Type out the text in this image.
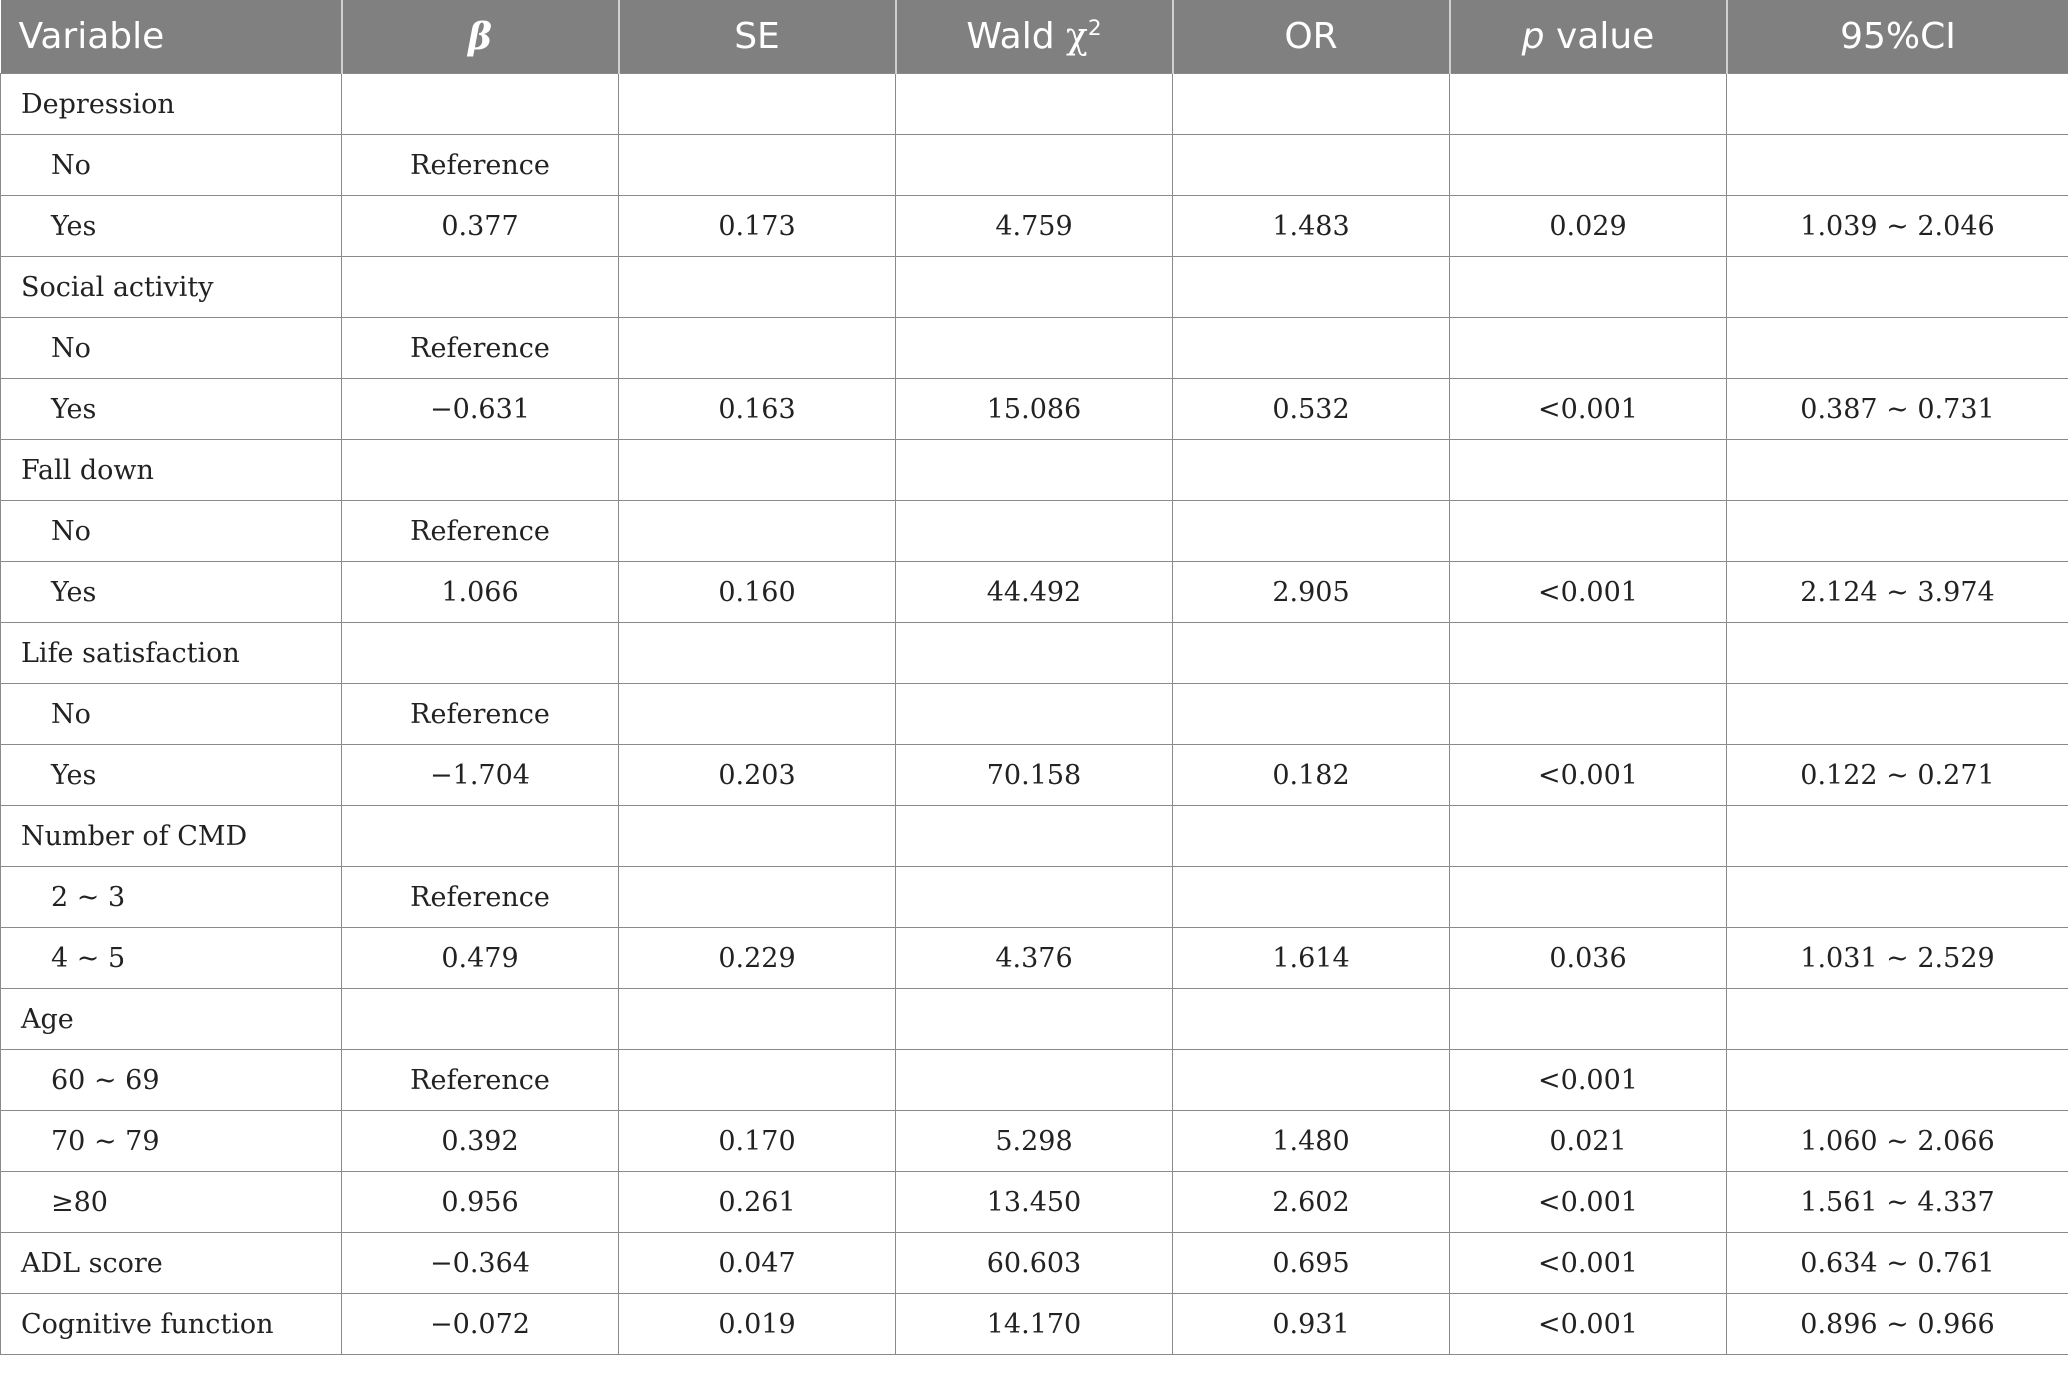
Variable	β	SE	Wald $\chi^2$	OR	p value	95%CI
Depression						
No	Reference					
Yes	0.377	0.173	4.759	1.483	0.029	1.039 ~ 2.046
Social activity						
No	Reference					
Yes	−0.631	0.163	15.086	0.532	<0.001	0.387 ~ 0.731
Fall down						
No	Reference					
Yes	1.066	0.160	44.492	2.905	<0.001	2.124 ~ 3.974
Life satisfaction						
No	Reference					
Yes	−1.704	0.203	70.158	0.182	<0.001	0.122 ~ 0.271
Number of CMD						
2 ~ 3	Reference					
4 ~ 5	0.479	0.229	4.376	1.614	0.036	1.031 ~ 2.529
Age						
60 ~ 69	Reference				<0.001	
70 ~ 79	0.392	0.170	5.298	1.480	0.021	1.060 ~ 2.066
≥80	0.956	0.261	13.450	2.602	<0.001	1.561 ~ 4.337
ADL score	−0.364	0.047	60.603	0.695	<0.001	0.634 ~ 0.761
Cognitive function	−0.072	0.019	14.170	0.931	<0.001	0.896 ~ 0.966
